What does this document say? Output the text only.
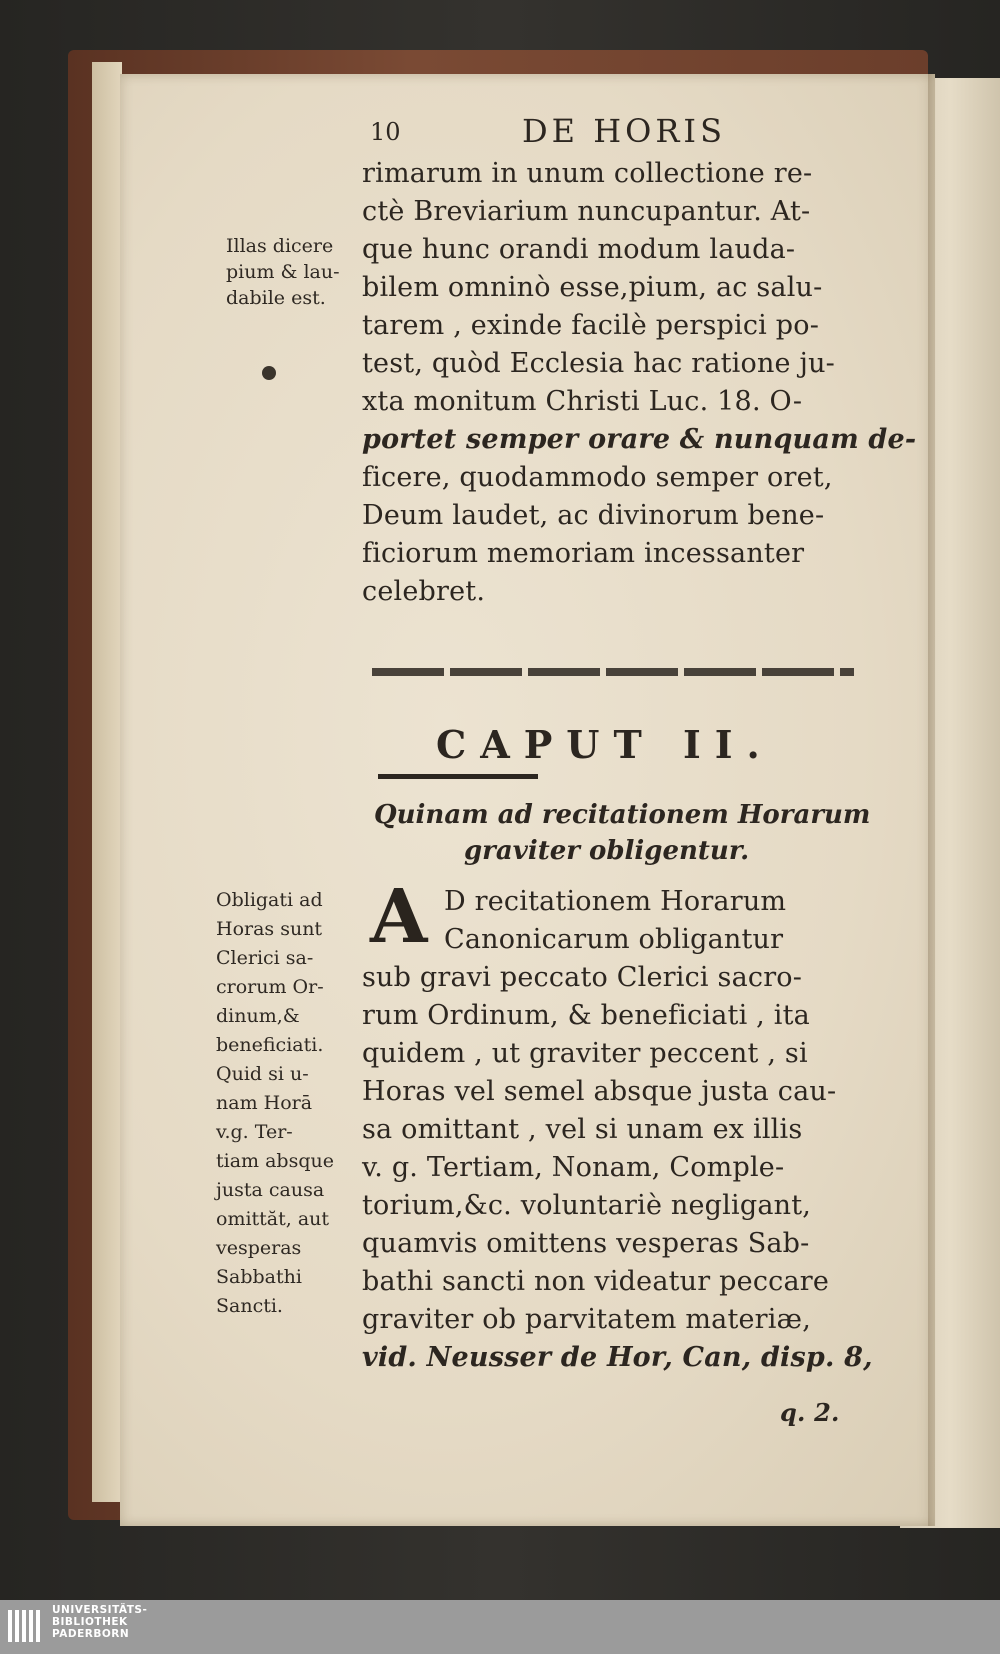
10	DE HORIS
rimarum in unum collectione re-
ctè Breviarium nuncupantur. At-
que hunc orandi modum lauda-
bilem omninò esse,pium, ac salu-
tarem , exinde facilè perspici po-
test, quòd Ecclesia hac ratione ju-
xta monitum Christi Luc. 18. O-
portet semper orare & nunquam de-
ficere, quodammodo semper oret,
Deum laudet, ac divinorum bene-
ficiorum memoriam incessanter
celebret.
Illas dicere
pium & lau-
dabile est.
CAPUT II.
Quinam ad recitationem Horarum
graviter obligentur.
Obligati ad
Horas sunt
Clerici sa-
crorum Or-
dinum,&
beneficiati.
Quid si u-
nam Horā
v.g. Ter-
tiam absque
justa causa
omittăt, aut
vesperas
Sabbathi
Sancti.
A D recitationem Horarum
Canonicarum obligantur
sub gravi peccato Clerici sacro-
rum Ordinum, & beneficiati , ita
quidem , ut graviter peccent , si
Horas vel semel absque justa cau-
sa omittant , vel si unam ex illis
v. g. Tertiam, Nonam, Comple-
torium,&c. voluntariè negligant,
quamvis omittens vesperas Sab-
bathi sancti non videatur peccare
graviter ob parvitatem materiæ,
vid. Neusser de Hor, Can, disp. 8,
q. 2.
UNIVERSITÄTS-
BIBLIOTHEK
PADERBORN
